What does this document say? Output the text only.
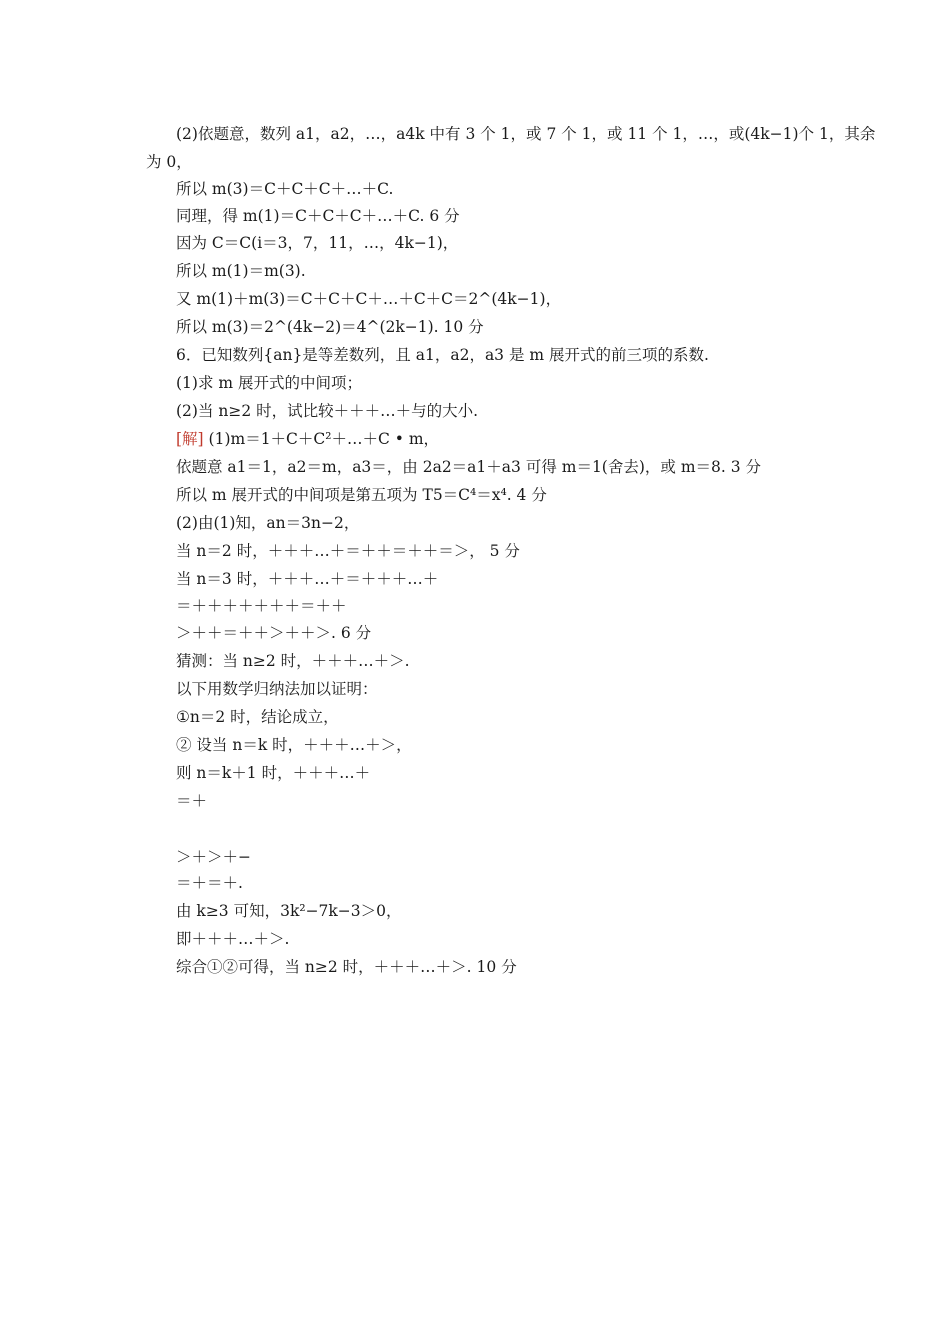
(2)依题意，数列 a1，a2，…，a4k 中有 3 个 1，或 7 个 1，或 11 个 1，…，或(4k−1)个 1，其余
为 0，
所以 m(3)＝C＋C＋C＋…＋C.
同理，得 m(1)＝C＋C＋C＋…＋C. 6 分
因为 C＝C(i＝3，7，11，…，4k−1)，
所以 m(1)＝m(3).
又 m(1)＋m(3)＝C＋C＋C＋…＋C＋C＝2^(4k−1)，
所以 m(3)＝2^(4k−2)＝4^(2k−1). 10 分
6．已知数列{an}是等差数列，且 a1，a2，a3 是 m 展开式的前三项的系数.
(1)求 m 展开式的中间项；
(2)当 n≥2 时，试比较＋＋＋…＋与的大小.
[解] (1)m＝1＋C＋C²＋…＋C • m，
依题意 a1＝1，a2＝m，a3＝，由 2a2＝a1＋a3 可得 m＝1(舍去)，或 m＝8. 3 分
所以 m 展开式的中间项是第五项为 T5＝C⁴＝x⁴. 4 分
(2)由(1)知，an＝3n−2，
当 n＝2 时，＋＋＋…＋＝＋＋＝＋＋＝＞， 5 分
当 n＝3 时，＋＋＋…＋＝＋＋＋…＋
＝＋＋＋＋＋＋＋＝＋＋
＞＋＋＝＋＋＞＋＋＞. 6 分
猜测：当 n≥2 时，＋＋＋…＋＞.
以下用数学归纳法加以证明：
①n＝2 时，结论成立，
② 设当 n＝k 时，＋＋＋…＋＞，
则 n＝k＋1 时，＋＋＋…＋
＝＋
＞＋＞＋−
＝＋＝＋.
由 k≥3 可知，3k²−7k−3＞0，
即＋＋＋…＋＞.
综合①②可得，当 n≥2 时，＋＋＋…＋＞. 10 分
